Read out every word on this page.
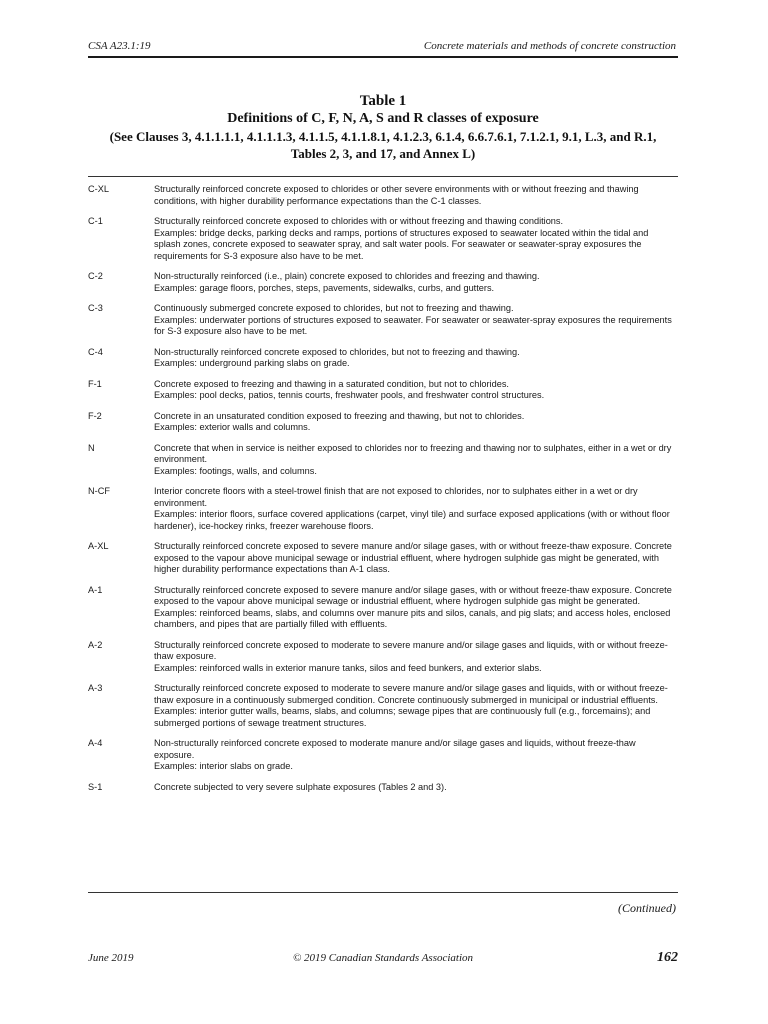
CSA A23.1:19	Concrete materials and methods of concrete construction
Table 1
Definitions of C, F, N, A, S and R classes of exposure
(See Clauses 3, 4.1.1.1.1, 4.1.1.1.3, 4.1.1.5, 4.1.1.8.1, 4.1.2.3, 6.1.4, 6.6.7.6.1, 7.1.2.1, 9.1, L.3, and R.1,
Tables 2, 3, and 17, and Annex L)
C-XL	Structurally reinforced concrete exposed to chlorides or other severe environments with or without freezing and thawing conditions, with higher durability performance expectations than the C-1 classes.
C-1	Structurally reinforced concrete exposed to chlorides with or without freezing and thawing conditions.
Examples: bridge decks, parking decks and ramps, portions of structures exposed to seawater located within the tidal and splash zones, concrete exposed to seawater spray, and salt water pools. For seawater or seawater-spray exposures the requirements for S-3 exposure also have to be met.
C-2	Non-structurally reinforced (i.e., plain) concrete exposed to chlorides and freezing and thawing.
Examples: garage floors, porches, steps, pavements, sidewalks, curbs, and gutters.
C-3	Continuously submerged concrete exposed to chlorides, but not to freezing and thawing.
Examples: underwater portions of structures exposed to seawater. For seawater or seawater-spray exposures the requirements for S-3 exposure also have to be met.
C-4	Non-structurally reinforced concrete exposed to chlorides, but not to freezing and thawing.
Examples: underground parking slabs on grade.
F-1	Concrete exposed to freezing and thawing in a saturated condition, but not to chlorides.
Examples: pool decks, patios, tennis courts, freshwater pools, and freshwater control structures.
F-2	Concrete in an unsaturated condition exposed to freezing and thawing, but not to chlorides.
Examples: exterior walls and columns.
N	Concrete that when in service is neither exposed to chlorides nor to freezing and thawing nor to sulphates, either in a wet or dry environment.
Examples: footings, walls, and columns.
N-CF	Interior concrete floors with a steel-trowel finish that are not exposed to chlorides, nor to sulphates either in a wet or dry environment.
Examples: interior floors, surface covered applications (carpet, vinyl tile) and surface exposed applications (with or without floor hardener), ice-hockey rinks, freezer warehouse floors.
A-XL	Structurally reinforced concrete exposed to severe manure and/or silage gases, with or without freeze-thaw exposure. Concrete exposed to the vapour above municipal sewage or industrial effluent, where hydrogen sulphide gas might be generated, with higher durability performance expectations than A-1 class.
A-1	Structurally reinforced concrete exposed to severe manure and/or silage gases, with or without freeze-thaw exposure. Concrete exposed to the vapour above municipal sewage or industrial effluent, where hydrogen sulphide gas might be generated.
Examples: reinforced beams, slabs, and columns over manure pits and silos, canals, and pig slats; and access holes, enclosed chambers, and pipes that are partially filled with effluents.
A-2	Structurally reinforced concrete exposed to moderate to severe manure and/or silage gases and liquids, with or without freeze-thaw exposure.
Examples: reinforced walls in exterior manure tanks, silos and feed bunkers, and exterior slabs.
A-3	Structurally reinforced concrete exposed to moderate to severe manure and/or silage gases and liquids, with or without freeze-thaw exposure in a continuously submerged condition. Concrete continuously submerged in municipal or industrial effluents.
Examples: interior gutter walls, beams, slabs, and columns; sewage pipes that are continuously full (e.g., forcemains); and submerged portions of sewage treatment structures.
A-4	Non-structurally reinforced concrete exposed to moderate manure and/or silage gases and liquids, without freeze-thaw exposure.
Examples: interior slabs on grade.
S-1	Concrete subjected to very severe sulphate exposures (Tables 2 and 3).
(Continued)
June 2019	© 2019 Canadian Standards Association	162
